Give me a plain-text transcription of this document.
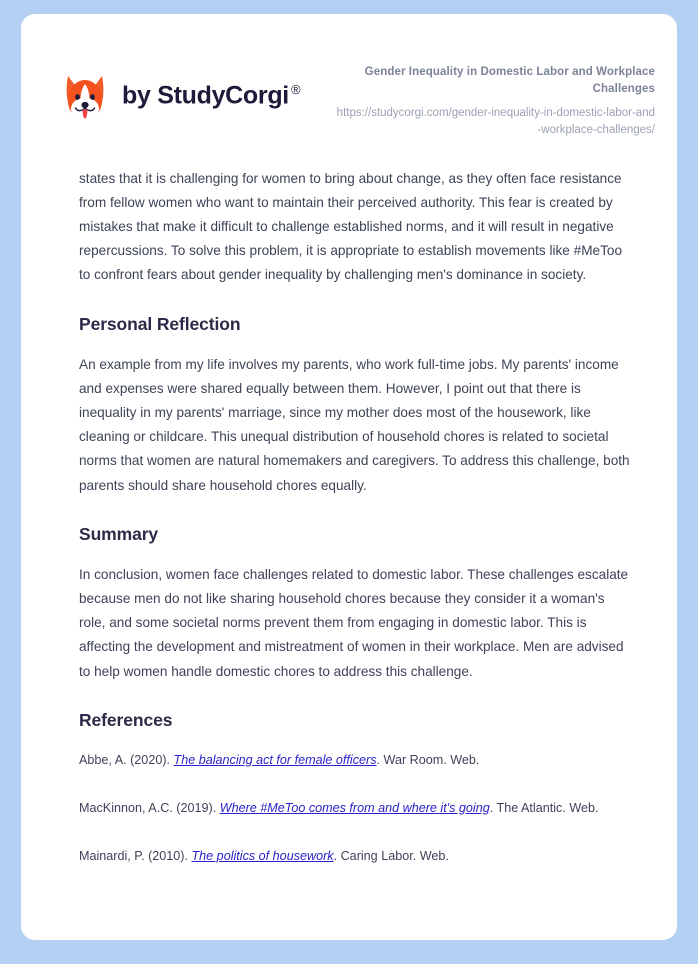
by StudyCorgi ®
Gender Inequality in Domestic Labor and Workplace Challenges
https://studycorgi.com/gender-inequality-in-domestic-labor-and-workplace-challenges/

states that it is challenging for women to bring about change, as they often face resistance from fellow women who want to maintain their perceived authority. This fear is created by mistakes that make it difficult to challenge established norms, and it will result in negative repercussions. To solve this problem, it is appropriate to establish movements like #MeToo to confront fears about gender inequality by challenging men's dominance in society.

Personal Reflection

An example from my life involves my parents, who work full-time jobs. My parents' income and expenses were shared equally between them. However, I point out that there is inequality in my parents' marriage, since my mother does most of the housework, like cleaning or childcare. This unequal distribution of household chores is related to societal norms that women are natural homemakers and caregivers. To address this challenge, both parents should share household chores equally.

Summary

In conclusion, women face challenges related to domestic labor. These challenges escalate because men do not like sharing household chores because they consider it a woman's role, and some societal norms prevent them from engaging in domestic labor. This is affecting the development and mistreatment of women in their workplace. Men are advised to help women handle domestic chores to address this challenge.

References

Abbe, A. (2020). The balancing act for female officers. War Room. Web.

MacKinnon, A.C. (2019). Where #MeToo comes from and where it's going. The Atlantic. Web.

Mainardi, P. (2010). The politics of housework. Caring Labor. Web.
